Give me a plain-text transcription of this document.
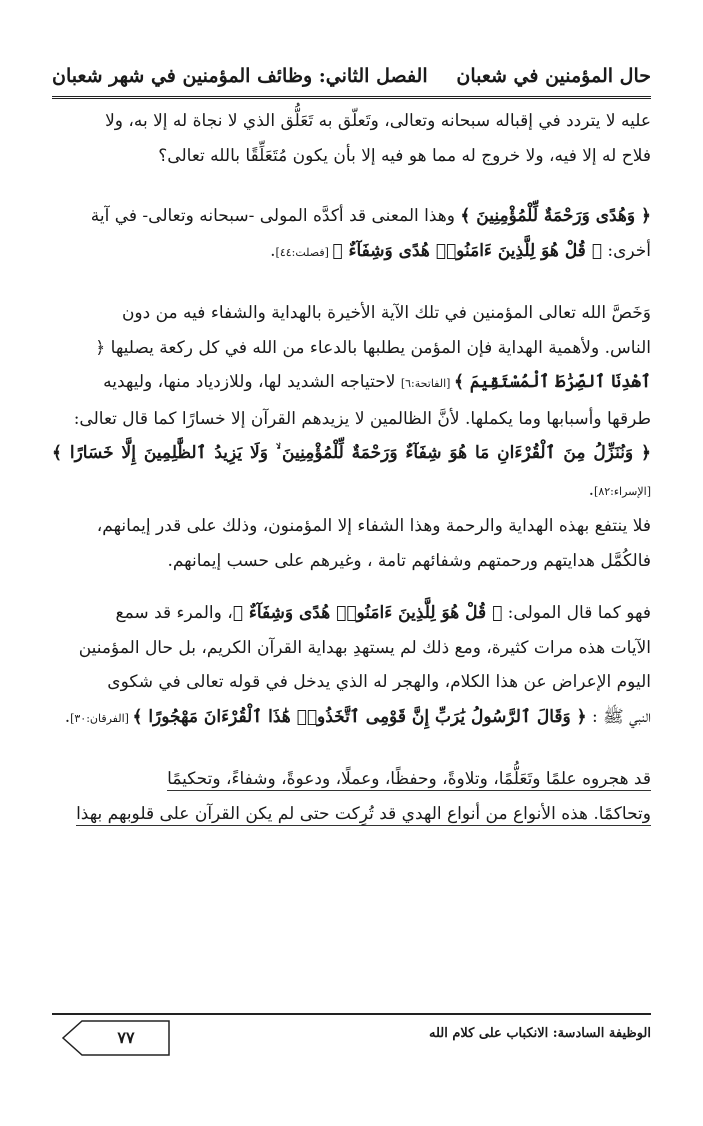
حال المؤمنين في شعبان
الفصل الثاني: وظائف المؤمنين في شهر شعبان

عليه لا يتردد في إقباله سبحانه وتعالى، وتَعلّق به تَعَلُّق الذي لا نجاة له إلا به، ولا

فلاح له إلا فيه، ولا خروج له مما هو فيه إلا بأن يكون مُتَعَلِّقًا بالله تعالى؟

﴿ وَهُدًى وَرَحْمَةٌ لِّلْمُؤْمِنِينَ ﴾ وهذا المعنى قد أكدَّه المولى -سبحانه وتعالى- في آية

أخرى: ﴿ قُلْ هُوَ لِلَّذِينَ ءَامَنُوا۟ هُدًى وَشِفَآءٌ ﴾ [فصلت:٤٤].

وَخَصَّ الله تعالى المؤمنين في تلك الآية الأخيرة بالهداية والشفاء فيه من دون

الناس. ولأهمية الهداية فإن المؤمن يطلبها بالدعاء من الله في كل ركعة يصليها ﴿

ٱهْدِنَا ٱلصِّرَٰطَ ٱلْمُسْتَقِيمَ ﴾ [الفاتحة:٦] لاحتياجه الشديد لها، وللازدياد منها، وليهديه

طرقها وأسبابها وما يكملها. لأنَّ الظالمين لا يزيدهم القرآن إلا خسارًا كما قال تعالى:

﴿ وَنُنَزِّلُ مِنَ ٱلْقُرْءَانِ مَا هُوَ شِفَآءٌ وَرَحْمَةٌ لِّلْمُؤْمِنِينَ ۙ وَلَا يَزِيدُ ٱلظَّٰلِمِينَ إِلَّا خَسَارًا ﴾ [الإسراء:٨٢].

فلا ينتفع بهذه الهداية والرحمة وهذا الشفاء إلا المؤمنون، وذلك على قدر إيمانهم،

فالكُمَّل هدايتهم ورحمتهم وشفائهم تامة ، وغيرهم على حسب إيمانهم.

فهو كما قال المولى: ﴿ قُلْ هُوَ لِلَّذِينَ ءَامَنُوا۟ هُدًى وَشِفَآءٌ ﴾، والمرء قد سمع

الآيات هذه مرات كثيرة، ومع ذلك لم يستهدِ بهداية القرآن الكريم، بل حال المؤمنين

اليوم الإعراض عن هذا الكلام، والهجر له الذي يدخل في قوله تعالى في شكوى

النبي ﷺ : ﴿ وَقَالَ ٱلرَّسُولُ يَٰرَبِّ إِنَّ قَوْمِى ٱتَّخَذُوا۟ هَٰذَا ٱلْقُرْءَانَ مَهْجُورًا ﴾ [الفرقان:٣٠].

قد هجروه علمًا وتَعَلُّمًا، وتلاوةً، وحفظًا، وعملًا، ودعوةً، وشفاءً، وتحكيمًا

وتحاكمًا. هذه الأنواع من أنواع الهدي قد تُرِكت حتى لم يكن القرآن على قلوبهم بهذا

الوظيفة السادسة: الانكباب على كلام الله
٧٧
